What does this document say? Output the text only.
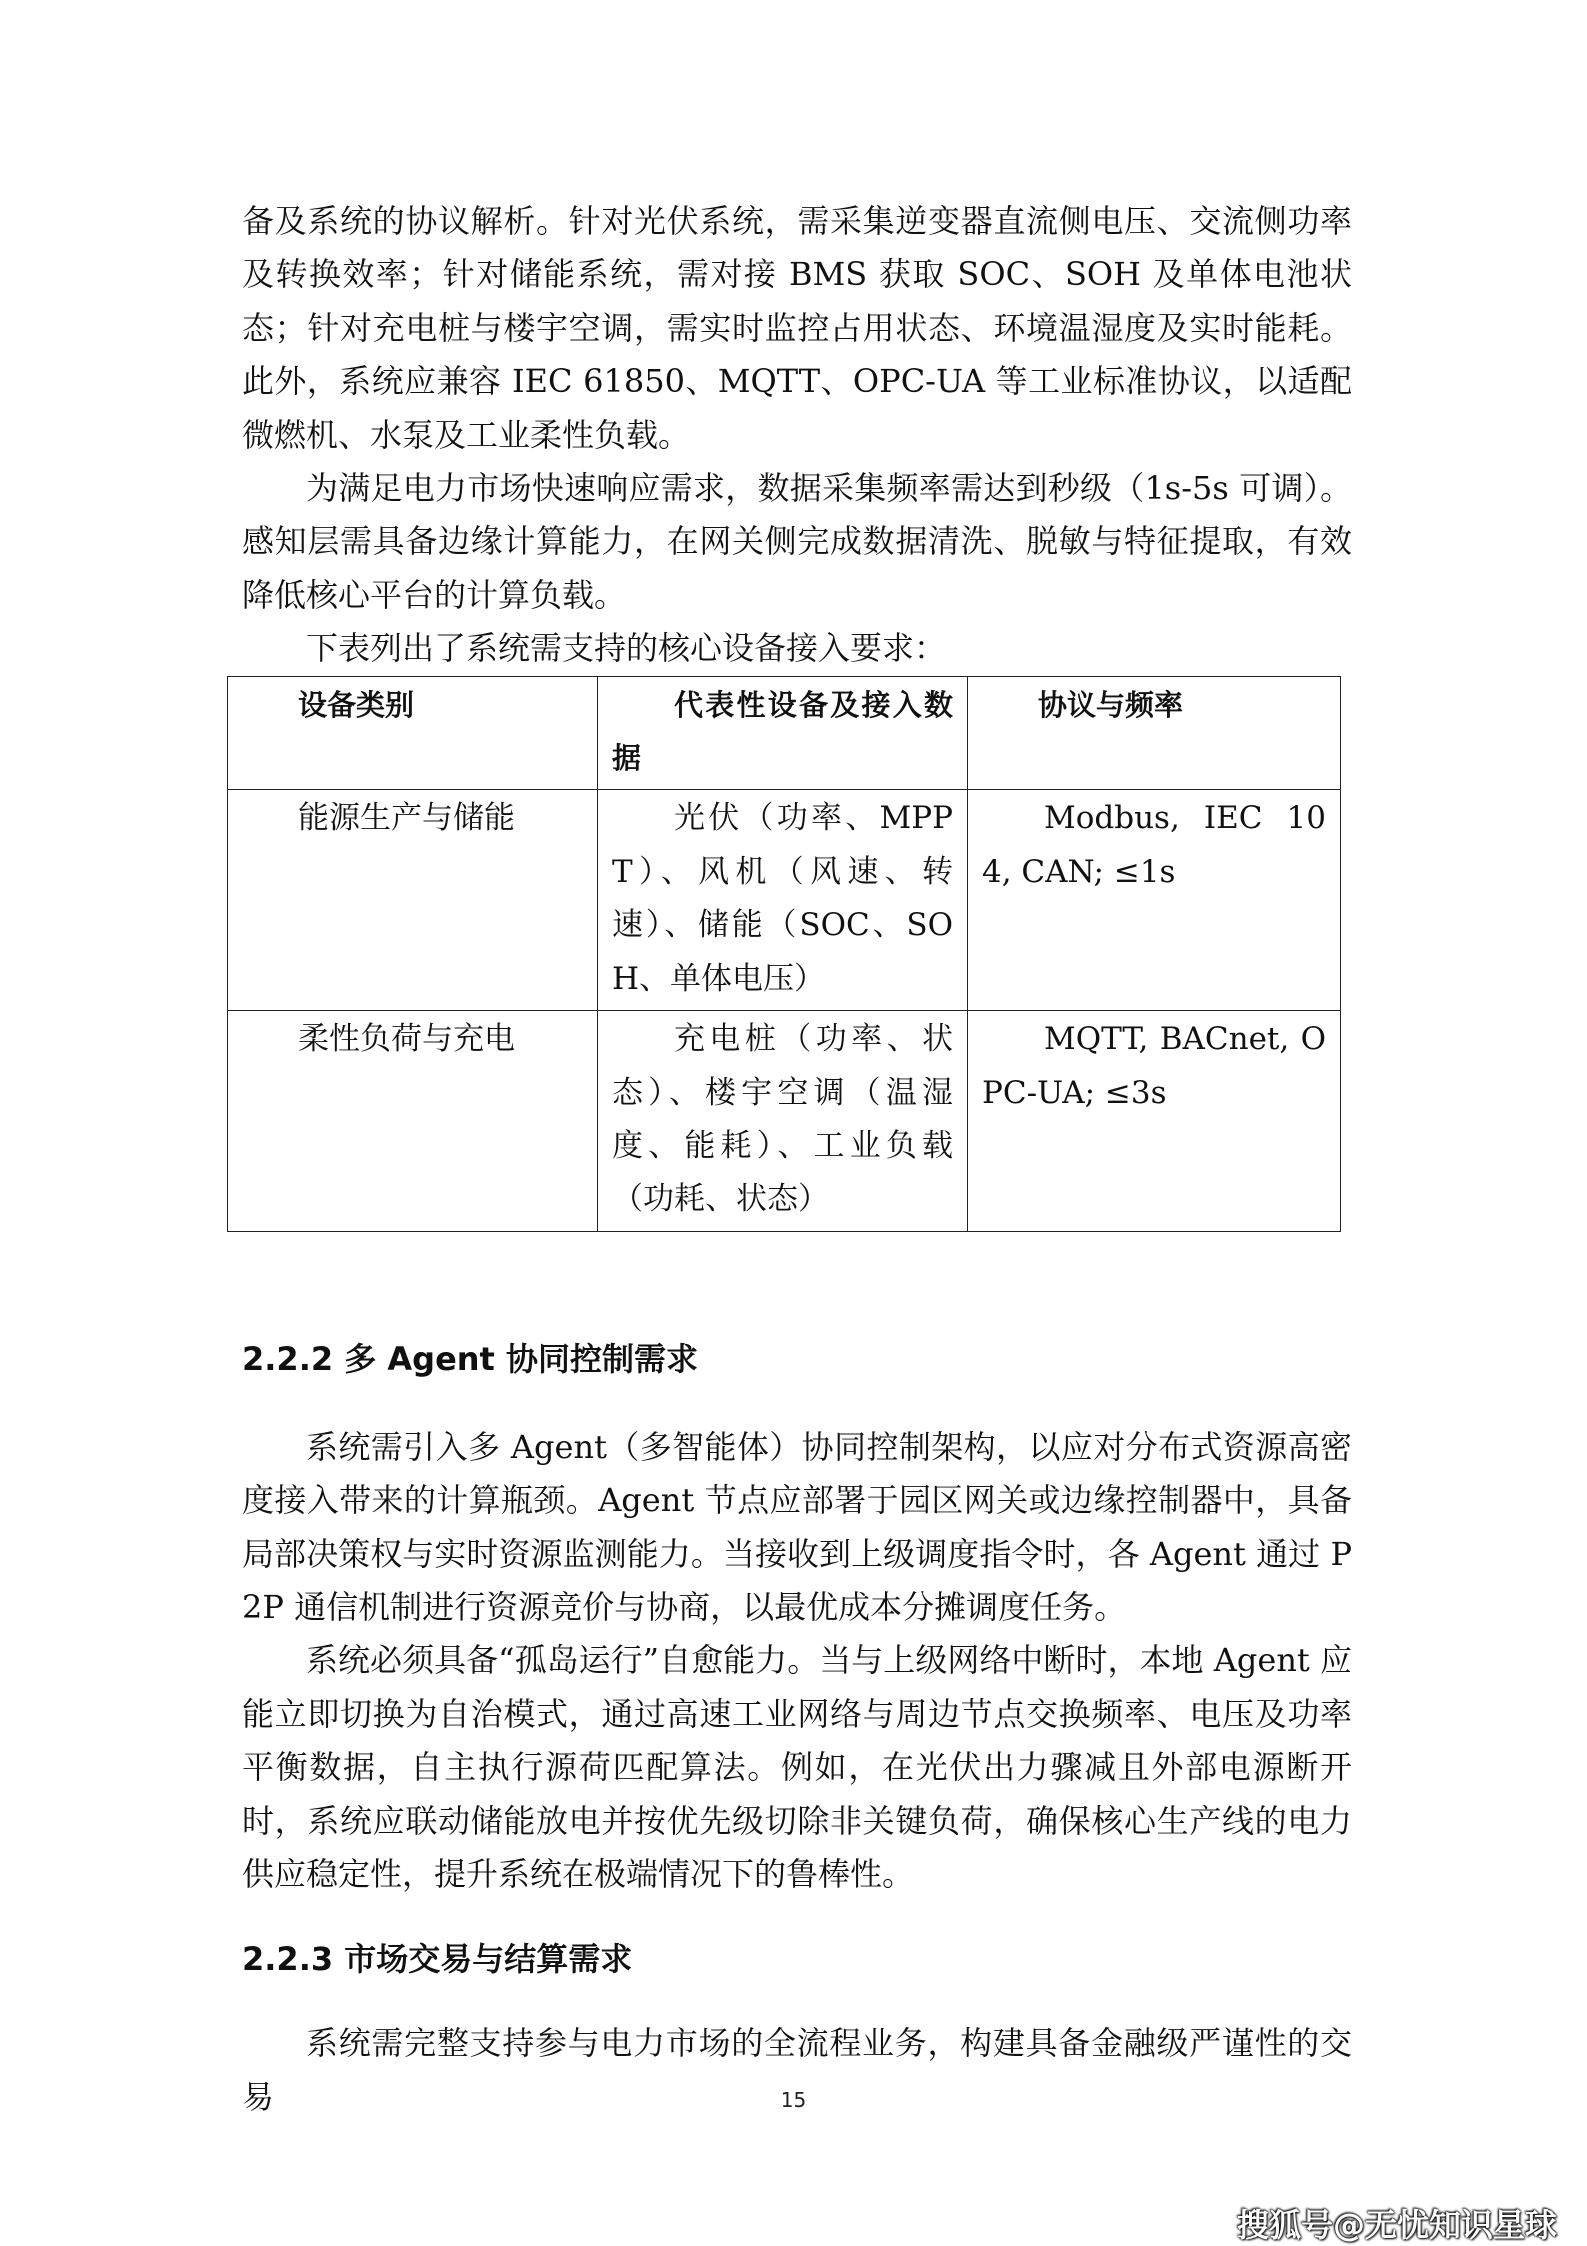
备及系统的协议解析。针对光伏系统，需采集逆变器直流侧电压、交流侧功率及转换效率；针对储能系统，需对接 BMS 获取 SOC、SOH 及单体电池状态；针对充电桩与楼宇空调，需实时监控占用状态、环境温湿度及实时能耗。此外，系统应兼容 IEC 61850、MQTT、OPC-UA 等工业标准协议，以适配微燃机、水泵及工业柔性负载。

为满足电力市场快速响应需求，数据采集频率需达到秒级（1s-5s 可调）。感知层需具备边缘计算能力，在网关侧完成数据清洗、脱敏与特征提取，有效降低核心平台的计算负载。

下表列出了系统需支持的核心设备接入要求：

设备类别	代表性设备及接入数据	协议与频率
能源生产与储能	光伏（功率、MPPT）、风机（风速、转速）、储能（SOC、SOH、单体电压）	Modbus, IEC 104, CAN; ≤1s
柔性负荷与充电	充电桩（功率、状态）、楼宇空调（温湿度、能耗）、工业负载（功耗、状态）	MQTT, BACnet, OPC-UA; ≤3s
2.2.2 多 Agent 协同控制需求

系统需引入多 Agent（多智能体）协同控制架构，以应对分布式资源高密度接入带来的计算瓶颈。Agent 节点应部署于园区网关或边缘控制器中，具备局部决策权与实时资源监测能力。当接收到上级调度指令时，各 Agent 通过 P2P 通信机制进行资源竞价与协商，以最优成本分摊调度任务。

系统必须具备“孤岛运行”自愈能力。当与上级网络中断时，本地 Agent 应能立即切换为自治模式，通过高速工业网络与周边节点交换频率、电压及功率平衡数据，自主执行源荷匹配算法。例如，在光伏出力骤减且外部电源断开时，系统应联动储能放电并按优先级切除非关键负荷，确保核心生产线的电力供应稳定性，提升系统在极端情况下的鲁棒性。

2.2.3 市场交易与结算需求

系统需完整支持参与电力市场的全流程业务，构建具备金融级严谨性的交易	15
搜狐号@无忧知识星球
